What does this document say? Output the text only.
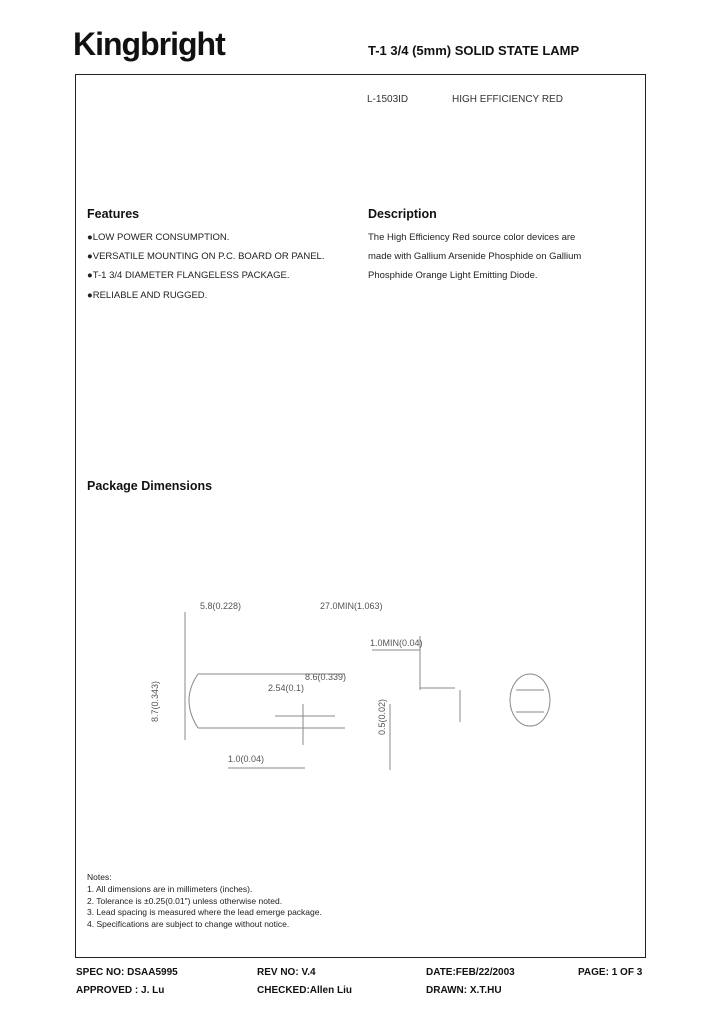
Kingbright	T-1 3/4 (5mm) SOLID STATE LAMP
L-1503ID	HIGH EFFICIENCY RED
Features
●LOW POWER CONSUMPTION.
●VERSATILE MOUNTING ON P.C. BOARD OR PANEL.
●T-1 3/4 DIAMETER FLANGELESS PACKAGE.
●RELIABLE AND RUGGED.
Description
The High Efficiency Red source color devices are
made with Gallium Arsenide Phosphide on Gallium
Phosphide Orange Light Emitting Diode.
Package Dimensions
5.8(0.228)	27.0MIN(1.063)
1.0MIN(0.04)
8.6(0.339)
8.7(0.343)	2.54(0.1)
1.0(0.04)
0.5(0.02)
Notes:
1. All dimensions are in millimeters (inches).
2. Tolerance is ±0.25(0.01") unless otherwise noted.
3. Lead spacing is measured where the lead emerge package.
4. Specifications are subject to change without notice.
SPEC NO: DSAA5995	REV NO: V.4	DATE:FEB/22/2003	PAGE: 1 OF 3
APPROVED : J. Lu	CHECKED:Allen Liu	DRAWN: X.T.HU
